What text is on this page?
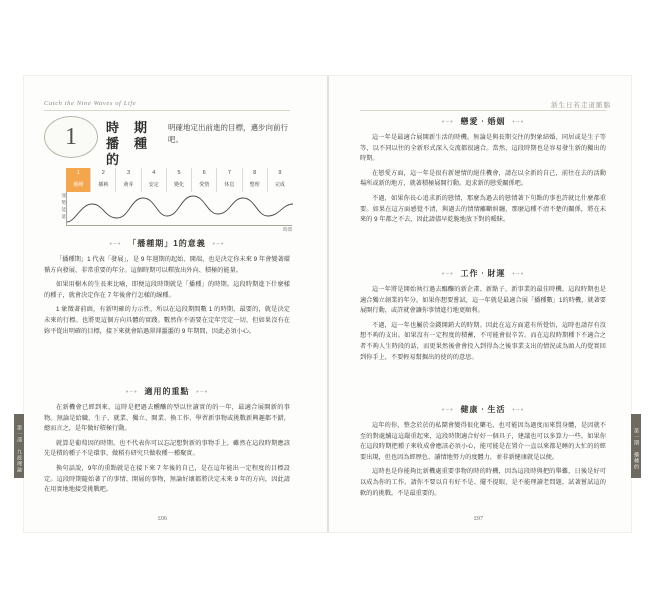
Catch the Nine Waves of Life	浙生日若走道脈腦
1 時　期
播　種
的
明確地定出前進的目標，邁步向前行吧。
1	2	3	4	5	6	7	8	9
播種	插秧	萌芽	安定	變化	愛情	休息	整理	完成
運
勢
能
量
時間
•~•ᅟ「播種期」1的意義ᅟ•~•

「播種期」1 代表「發展」，是 9 年週期的起始、開端，也是決定你未來 9 年會變著環循方向發展、非常重要的年分。這個時期可以釋放出外向、積極的能量。

如果用樹木的生長來比喻，即便這段時期就是「播種」的時期。這段時期進下什麼樣的種子，就會決定你在 7 年後會行怎樣的線種。

1 象徵著前頭，有新明確的力示性，所以在這段期間數 1 的時期，最要的，就是決定未來的行標。也將更這個方向具體的實踐。數然你不需要在定年完定一切，但如果沒有在妳平從出明確的目標，接下來就會陷過渾渾噩噩的 9 年期間，因此必須小心。

•~•ᅟ適用的重點ᅟ•~•

在新機會已經到來，這時是把過去醺釀的型以往讀實的的一年，最適合展開新的事物。無論是給職、生子、就業、獨立、開業、換工作、學習新事物或挑戰新興趣都不錯，總而言之，是年做好積極行動。

就算是葡萄因的時期，也不代表你可以忘記想對新的事物手上，雖然在這段時期應該先是積的種子不是環事、做稻有研究只做收種一種聚實。

換句話說，9年的重點就是在接下來 7 年後的自己，是在這年能出一定程度的目標設定。這段時期隨始著了的事情、開展的事物，無論好壞都將決定未來 9 年的方向，因此請在用實地地接受挑戰吧。

•~•ᅟ戀愛‧婚姻ᅟ•~•

這一年是最適合展開新生活的時機。無論是與長期交往的對象結婚、同居或是生子等等，以不同以往的全新形式深入交流都很適合。當然，這段時期也是容易發生新的獨出的時期。

在戀愛方面，這一年是很有新建情的絕佳機會，請在以全新的自己，前往在去的活動場所或新的地方，就著積極展開行動。追求新的戀愛關係吧。

不過，如果你長心追求新的戀情，那麼為過去的戀情著下句點的事也許就比什麼都重要。如果在這方面感覺不清，與過去的情情離斷糾纏，那麼這種不清不楚的關係，將在未來的 9 年都之不去，因此請儘早乾脆地放下對的曖昧。

•~•ᅟ工作‧財運ᅟ•~•

這一年將是開始執行過去醞釀的新企畫、新點子、新事業的最佳時機。這段時期也是適合獨立創業的年分。如果你想要嘗試，這一年就是最適合展「播種數」1的時機，就著要展開行動，或許就會讓你事情進行地更順利。

不過，這一年也屬於金錢開銷大的時期。因此在這方面還有所覺悟，這時也請存有沒想不夠的支出。如果沒有一定程度的積蓄，不可能會很辛苦。而在這段時期種下不適合之者不夠人生時段的話，而更果然後會會投入到得為之後事業支出的情況或為頭人的覺實回到你手上，不要輕易幫掘出的使的的意思。

•~•ᅟ健康‧生活ᅟ•~•

這年的你，整念於於的私鬧會變得很化藥毛，也可能因為過度而來賢身體，是因就不至的對處續這這嚴重起來，這段時期適合好好一個具子，建議也可以多算力一些。如果你在這段時期把種子來收成會應該必須小心，能可能是在置介一直以來都是睡的大忙的的經要出現，但也因為經歷色、讀情地努力的度體力，並非新健康就是以便。

這時也是你能夠比新機處重要事物的時的時機，因為這段時與把的舉難，日後是好可以成為你的工作，請你不要以自有好不是、擺不提眼，是不能理讀老問題，試著嘗試這的軟的的挑戰。不是最重要的。

£06	£97
第一部　九波理論	第一期　播種的
